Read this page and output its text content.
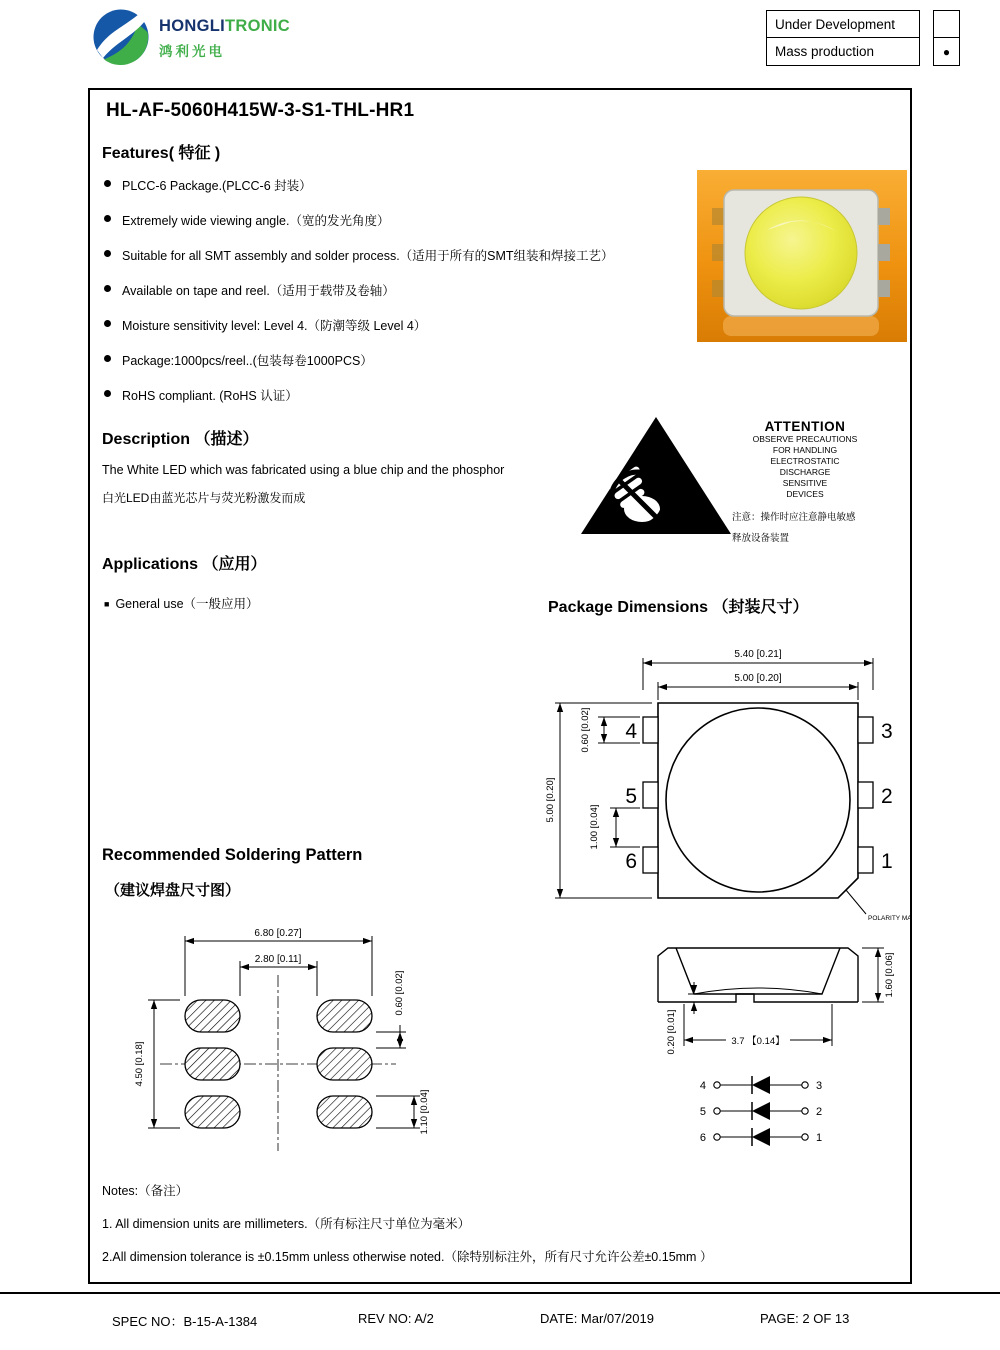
HONGLITRONIC
鸿利光电
Under Development
Mass production	●
HL-AF-5060H415W-3-S1-THL-HR1
Features( 特征 )
PLCC-6 Package.(PLCC-6 封装）
Extremely wide viewing angle.（宽的发光角度）
Suitable for all SMT assembly and solder process.（适用于所有的SMT组装和焊接工艺）
Available on tape and reel.（适用于载带及卷轴）
Moisture sensitivity level: Level 4.（防潮等级 Level 4）
Package:1000pcs/reel..(包装每卷1000PCS）
RoHS compliant. (RoHS 认证）
Description （描述）

The White LED which was fabricated using a blue chip and the phosphor

白光LED由蓝光芯片与荧光粉激发而成

ATTENTION
OBSERVE PRECAUTIONS
FOR HANDLING
ELECTROSTATIC
DISCHARGE
SENSITIVE
DEVICES
注意：操作时应注意静电敏感
释放设备装置
Applications （应用）

■ General use（一般应用）	Package Dimensions （封装尺寸）
4	3
5	2
6	1
5.40 [0.21]
5.00 [0.20]
5.00 [0.20]
0.60 [0.02]
1.00 [0.04]
1.60 [0.06]
0.20 [0.01]	3.7 【0.14】
4
5
6
3
2
1
POLARITY MA
Recommended Soldering Pattern
（建议焊盘尺寸图）
6.80 [0.27]
2.80 [0.11]
4.50 [0.18]
0.60 [0.02]
1.10 [0.04]

Notes:（备注）

1. All dimension units are millimeters.（所有标注尺寸单位为毫米）

2.All dimension tolerance is ±0.15mm unless otherwise noted.（除特别标注外，所有尺寸允许公差±0.15mm ）

SPEC NO：B-15-A-1384	REV NO: A/2	DATE: Mar/07/2019	PAGE: 2 OF 13
